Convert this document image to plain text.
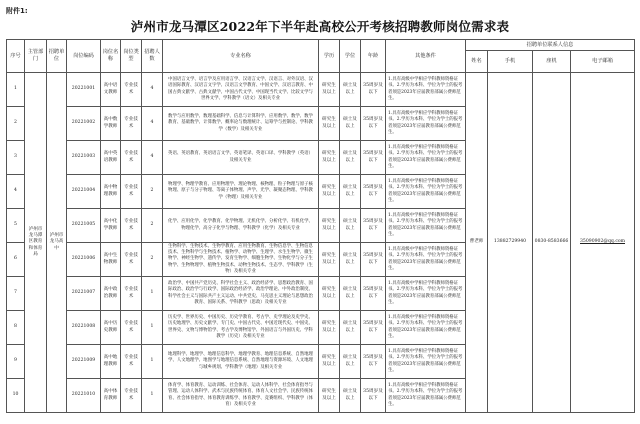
附件1:
泸州市龙马潭区2022年下半年赴高校公开考核招聘教师岗位需求表
序号	主管部门	招聘单位	岗位编码	岗位名称	岗位类型	招聘人数	专业名称	学历	学位	年龄	其他条件	招聘单位联系人信息			
												姓名	手机	座机	电子邮箱
1	泸州市龙马潭区教育和体育局	泸州市龙马高中	20221001	高中语文教师	专业技术	4	中国语言文学、语言学及应用语言学、汉语言文学、汉语言、对外汉语、汉语国际教育、汉语言文字学、汉语言文学教育、中国文学、汉语言教育、中国古典文献学、古典文献学、中国古代文学、中国现当代文学、比较文学与世界文学、学科教学（语文）及相关专业	研究生及以上	硕士及以上	35周岁及以下	1.具有高级中学相应学科教师资格证书。2.学历为本科、学位为学士的报考者须是2023年应届教育部属公费师范生。	曹老师	13882729940	0830-8583666	35090902@qq.com
2			20221002	高中数学教师	专业技术	4	数学与应用数学、数理基础科学、信息与计算科学、应用数学、数学、数学教育、基础数学、计算数学、概率论与数理统计、运筹学与控制论、学科教学（数学）及相关专业	研究生及以上	硕士及以上	35周岁及以下	1.具有高级中学相应学科教师资格证书。2.学历为本科、学位为学士的报考者须是2023年应届教育部属公费师范生。				
3			20221003	高中英语教师	专业技术	4	英语、英语教育、英语语言文学、英语笔译、英语口译、学科教学（英语）及相关专业	研究生及以上	硕士及以上	35周岁及以下	1.具有高级中学相应学科教师资格证书。2.学历为本科、学位为学士的报考者须是2023年应届教育部属公费师范生。				
4			20221004	高中物理教师	专业技术	2	物理学、物理学教育、应用物理学、理论物理、核物理、粒子物理与原子核物理、原子与分子物理、等离子体物理、声学、光学、凝聚态物理、学科教学（物理）及相关专业	研究生及以上	硕士及以上	35周岁及以下	1.具有高级中学相应学科教师资格证书。2.学历为本科、学位为学士的报考者须是2023年应届教育部属公费师范生。				
5			20221005	高中化学教师	专业技术	2	化学、应用化学、化学教育、化学物理、无机化学、分析化学、有机化学、物理化学、高分子化学与物理、学科教学（化学）及相关专业	研究生及以上	硕士及以上	35周岁及以下	1.具有高级中学相应学科教师资格证书。2.学历为本科、学位为学士的报考者须是2023年应届教育部属公费师范生。				
6			20221006	高中生物教师	专业技术	2	生物科学、生物技术、生物学教育、应用生物教育、生物信息学、生物信息技术、生物科学与生物技术、植物学、动物学、生理学、水生生物学、微生物学、神经生物学、遗传学、发育生物学、细胞生物学、生物化学与分子生物学、生物物理学、植物生物技术、动物生物技术、生态学、学科教学（生物）及相关专业	研究生及以上	硕士及以上	35周岁及以下	1.具有高级中学相应学科教师资格证书。2.学历为本科、学位为学士的报考者须是2023年应届教育部属公费师范生。				
7			20221007	高中政治教师	专业技术	1	政治学、中国共产党历史、科学社会主义、政治经济学、思想政治教育、国际政治、政治学与行政学、国际政治经济学、政治学理论、中外政治制度、科学社会主义与国际共产主义运动、中共党史、马克思主义理论与思想政治教育、国际关系、学科教学（思政）及相关专业	研究生及以上	硕士及以上	35周岁及以下	1.具有高级中学相应学科教师资格证书。2.学历为本科、学位为学士的报考者须是2023年应届教育部属公费师范生。				
8			20221008	高中历史教师	专业技术	1	历史学、世界历史、中国历史、历史学教育、考古学、史学理论及史学史、历史地理学、历史文献学、专门史、中国古代史、中国近现代史、中国史、世界史、文物与博物馆学、考古学及博物馆学、外国语言与外国历史、学科教学（历史）及相关专业	研究生及以上	硕士及以上	35周岁及以下	1.具有高级中学相应学科教师资格证书。2.学历为本科、学位为学士的报考者须是2023年应届教育部属公费师范生。				
9			20221009	高中地理教师	专业技术	1	地理科学、地理学、地理信息科学、地理学教育、地理信息系统、自然地理学、人文地理学、地图学与地理信息系统、自然地理与资源环境、人文地理与城乡规划、学科教学（地理）及相关专业	研究生及以上	硕士及以上	35周岁及以下	1.具有高级中学相应学科教师资格证书。2.学历为本科、学位为学士的报考者须是2023年应届教育部属公费师范生。				
10			20221010	高中体育教师	专业技术	1	体育学、体育教育、运动训练、社会体育、运动人体科学、社会体育指导与管理、运动人体科学、武术与民族传统体育、体育人文社会学、民族传统体育、社会体育指导、体育教育训练学、体育教学、竞赛组织、学科教学（体育）及相关专业	研究生及以上	硕士及以上	35周岁及以下	1.具有高级中学相应学科教师资格证书。2.学历为本科、学位为学士的报考者须是2023年应届教育部属公费师范生。				
